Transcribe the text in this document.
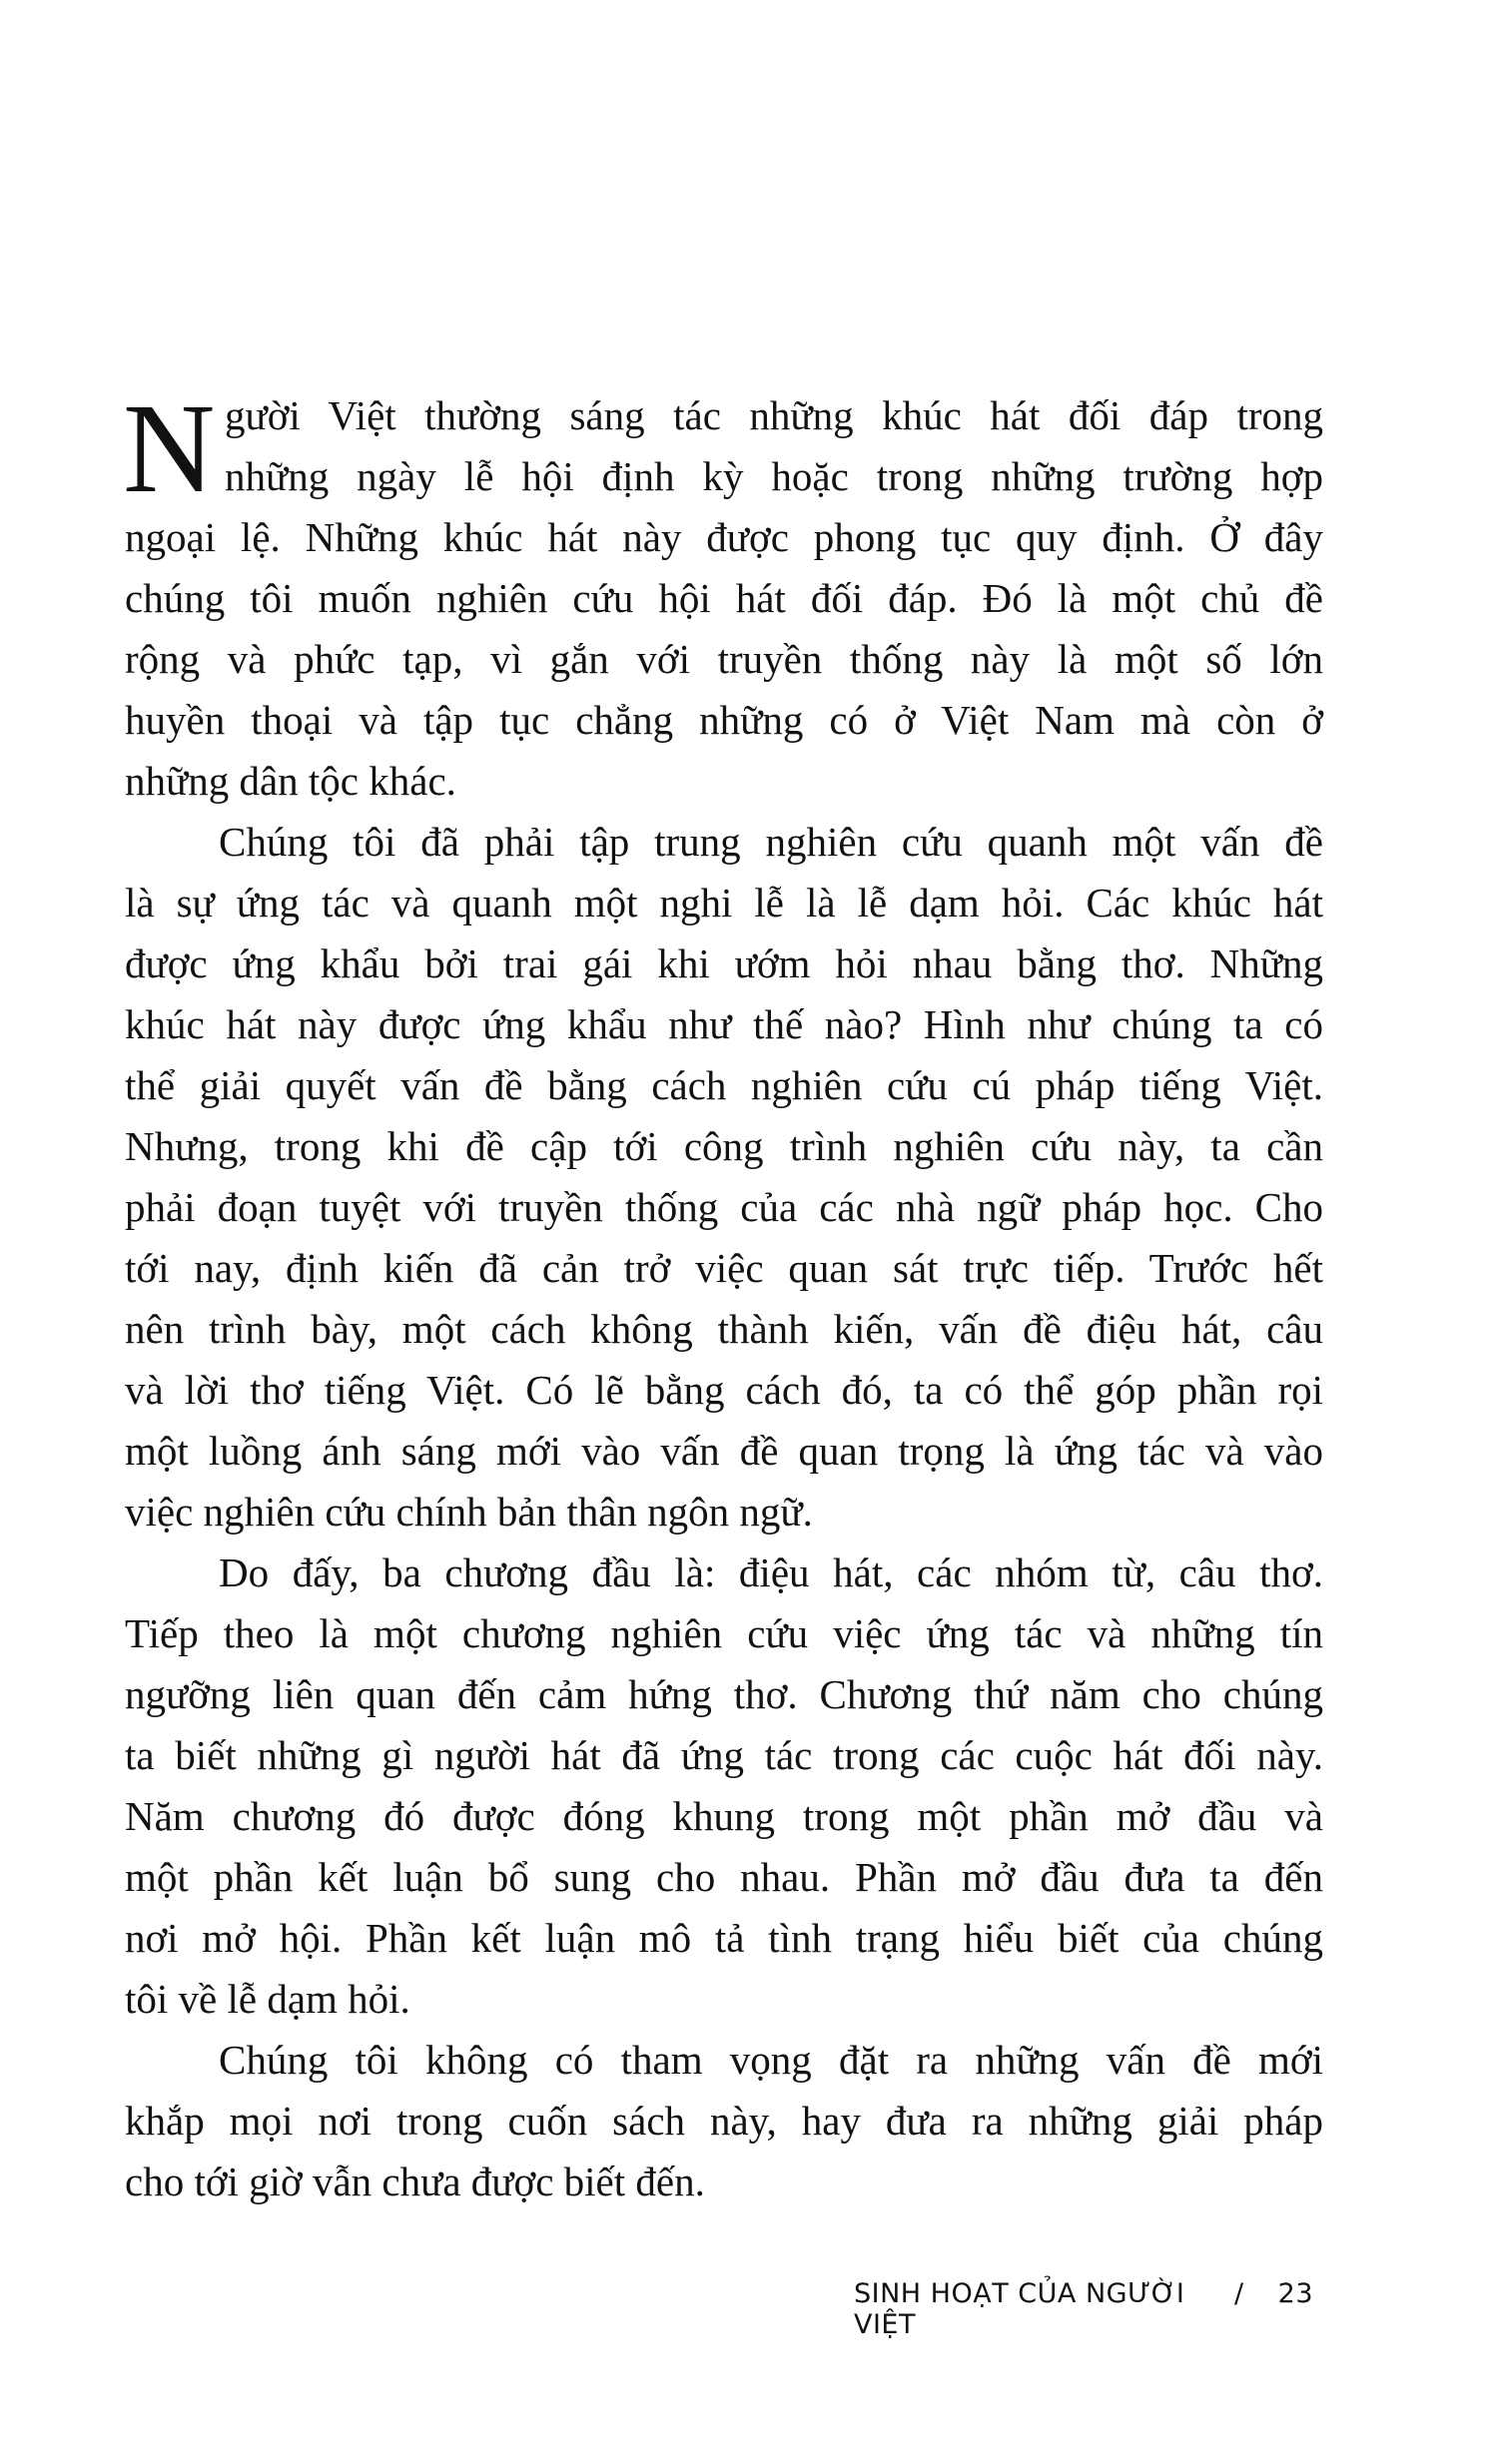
N gười Việt thường sáng tác những khúc hát đối đáp trong
những ngày lễ hội định kỳ hoặc trong những trường hợp
ngoại lệ. Những khúc hát này được phong tục quy định. Ở đây
chúng tôi muốn nghiên cứu hội hát đối đáp. Đó là một chủ đề
rộng và phức tạp, vì gắn với truyền thống này là một số lớn
huyền thoại và tập tục chẳng những có ở Việt Nam mà còn ở
những dân tộc khác.
Chúng tôi đã phải tập trung nghiên cứu quanh một vấn đề
là sự ứng tác và quanh một nghi lễ là lễ dạm hỏi. Các khúc hát
được ứng khẩu bởi trai gái khi ướm hỏi nhau bằng thơ. Những
khúc hát này được ứng khẩu như thế nào? Hình như chúng ta có
thể giải quyết vấn đề bằng cách nghiên cứu cú pháp tiếng Việt.
Nhưng, trong khi đề cập tới công trình nghiên cứu này, ta cần
phải đoạn tuyệt với truyền thống của các nhà ngữ pháp học. Cho
tới nay, định kiến đã cản trở việc quan sát trực tiếp. Trước hết
nên trình bày, một cách không thành kiến, vấn đề điệu hát, câu
và lời thơ tiếng Việt. Có lẽ bằng cách đó, ta có thể góp phần rọi
một luồng ánh sáng mới vào vấn đề quan trọng là ứng tác và vào
việc nghiên cứu chính bản thân ngôn ngữ.
Do đấy, ba chương đầu là: điệu hát, các nhóm từ, câu thơ.
Tiếp theo là một chương nghiên cứu việc ứng tác và những tín
ngưỡng liên quan đến cảm hứng thơ. Chương thứ năm cho chúng
ta biết những gì người hát đã ứng tác trong các cuộc hát đối này.
Năm chương đó được đóng khung trong một phần mở đầu và
một phần kết luận bổ sung cho nhau. Phần mở đầu đưa ta đến
nơi mở hội. Phần kết luận mô tả tình trạng hiểu biết của chúng
tôi về lễ dạm hỏi.
Chúng tôi không có tham vọng đặt ra những vấn đề mới
khắp mọi nơi trong cuốn sách này, hay đưa ra những giải pháp
cho tới giờ vẫn chưa được biết đến.
SINH HOẠT CỦA NGƯỜI VIỆT
/ 23
